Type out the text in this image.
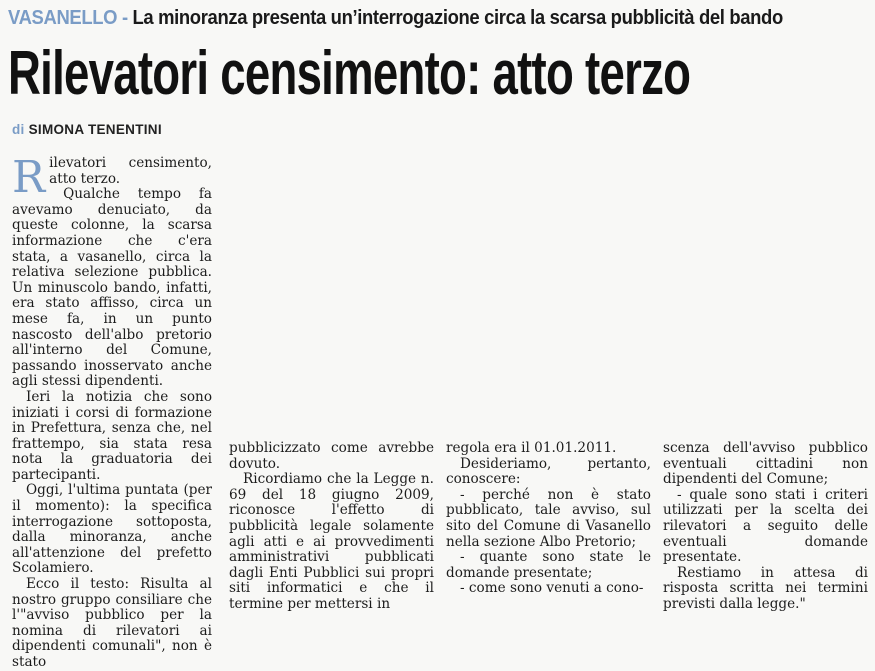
VASANELLO - La minoranza presenta un’interrogazione circa la scarsa pubblicità del bando
Rilevatori censimento: atto terzo
di SIMONA TENENTINI
R ilevatori censimento, atto terzo.

Qualche tempo fa avevamo denuciato, da queste colonne, la scarsa informazione che c'era stata, a vasanello, circa la relativa selezione pubblica. Un minuscolo bando, infatti, era stato affisso, circa un mese fa, in un punto nascosto dell'albo pretorio all'interno del Comune, passando inosservato anche agli stessi dipendenti.

Ieri la notizia che sono iniziati i corsi di formazione in Prefettura, senza che, nel frattempo, sia stata resa nota la graduatoria dei partecipanti.

Oggi, l'ultima puntata (per il momento): la specifica interrogazione sottoposta, dalla minoranza, anche all'attenzione del prefetto Scolamiero.

Ecco il testo: Risulta al nostro gruppo consiliare che l'"avviso pubblico per la nomina di rilevatori ai dipendenti comunali", non è stato

pubblicizzato come avrebbe dovuto.

Ricordiamo che la Legge n. 69 del 18 giugno 2009, riconosce l'effetto di pubblicità legale solamente agli atti e ai provvedimenti amministrativi pubblicati dagli Enti Pubblici sui propri siti informatici e che il termine per mettersi in

regola era il 01.01.2011.

Desideriamo, pertanto, conoscere:

- perché non è stato pubblicato, tale avviso, sul sito del Comune di Vasanello nella sezione Albo Pretorio;

- quante sono state le domande presentate;

- come sono venuti a cono-

scenza dell'avviso pubblico eventuali cittadini non dipendenti del Comune;

- quale sono stati i criteri utilizzati per la scelta dei rilevatori a seguito delle eventuali domande presentate.

Restiamo in attesa di risposta scritta nei termini previsti dalla legge."
